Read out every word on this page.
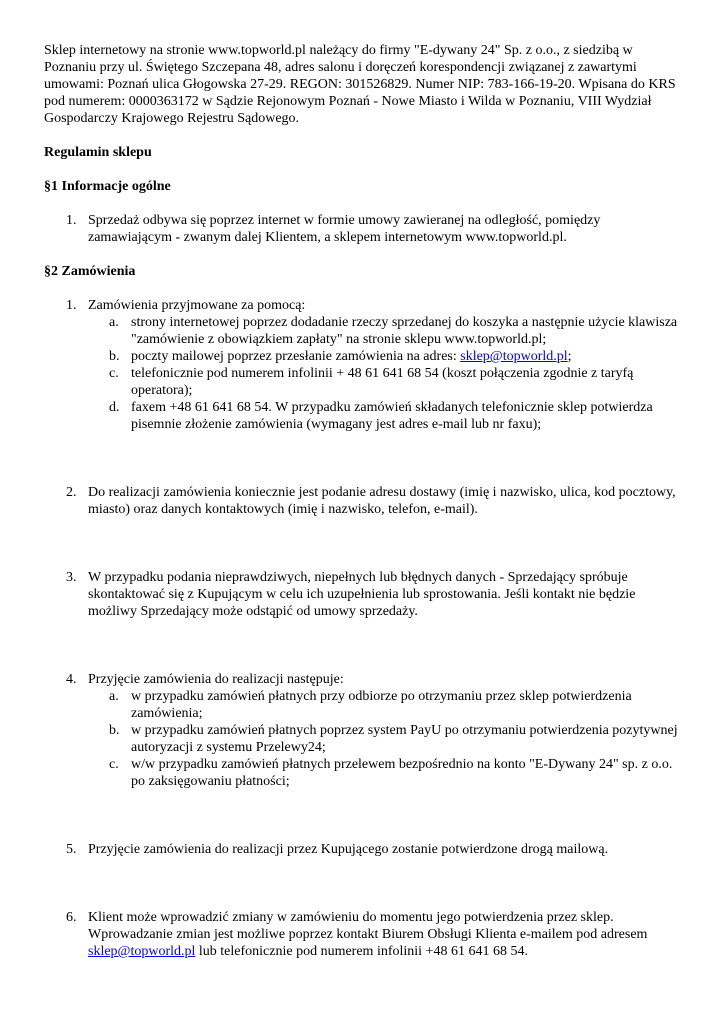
Sklep internetowy na stronie www.topworld.pl należący do firmy "E-dywany 24" Sp. z o.o., z siedzibą w Poznaniu przy ul. Świętego Szczepana 48, adres salonu i doręczeń korespondencji związanej z zawartymi umowami: Poznań ulica Głogowska 27-29. REGON: 301526829. Numer NIP: 783-166-19-20. Wpisana do KRS pod numerem: 0000363172 w Sądzie Rejonowym Poznań - Nowe Miasto i Wilda w Poznaniu, VIII Wydział Gospodarczy Krajowego Rejestru Sądowego.

Regulamin sklepu

§1 Informacje ogólne

1. Sprzedaż odbywa się poprzez internet w formie umowy zawieranej na odległość, pomiędzy zamawiającym - zwanym dalej Klientem, a sklepem internetowym www.topworld.pl.

§2 Zamówienia

1. Zamówienia przyjmowane za pomocą:
a. strony internetowej poprzez dodadanie rzeczy sprzedanej do koszyka a następnie użycie klawisza "zamówienie z obowiązkiem zapłaty" na stronie sklepu www.topworld.pl;
b. poczty mailowej poprzez przesłanie zamówienia na adres: sklep@topworld.pl;
c. telefonicznie pod numerem infolinii + 48 61 641 68 54 (koszt połączenia zgodnie z taryfą operatora);
d. faxem +48 61 641 68 54. W przypadku zamówień składanych telefonicznie sklep potwierdza pisemnie złożenie zamówienia (wymagany jest adres e-mail lub nr faxu);
2. Do realizacji zamówienia koniecznie jest podanie adresu dostawy (imię i nazwisko, ulica, kod pocztowy, miasto) oraz danych kontaktowych (imię i nazwisko, telefon, e-mail).
3. W przypadku podania nieprawdziwych, niepełnych lub błędnych danych - Sprzedający spróbuje skontaktować się z Kupującym w celu ich uzupełnienia lub sprostowania. Jeśli kontakt nie będzie możliwy Sprzedający może odstąpić od umowy sprzedaży.
4. Przyjęcie zamówienia do realizacji następuje:
a. w przypadku zamówień płatnych przy odbiorze po otrzymaniu przez sklep potwierdzenia zamówienia;
b. w przypadku zamówień płatnych poprzez system PayU po otrzymaniu potwierdzenia pozytywnej autoryzacji z systemu Przelewy24;
c. w/w przypadku zamówień płatnych przelewem bezpośrednio na konto "E-Dywany 24" sp. z o.o. po zaksięgowaniu płatności;
5. Przyjęcie zamówienia do realizacji przez Kupującego zostanie potwierdzone drogą mailową.
6. Klient może wprowadzić zmiany w zamówieniu do momentu jego potwierdzenia przez sklep. Wprowadzanie zmian jest możliwe poprzez kontakt Biurem Obsługi Klienta e-mailem pod adresem sklep@topworld.pl lub telefonicznie pod numerem infolinii +48 61 641 68 54.
